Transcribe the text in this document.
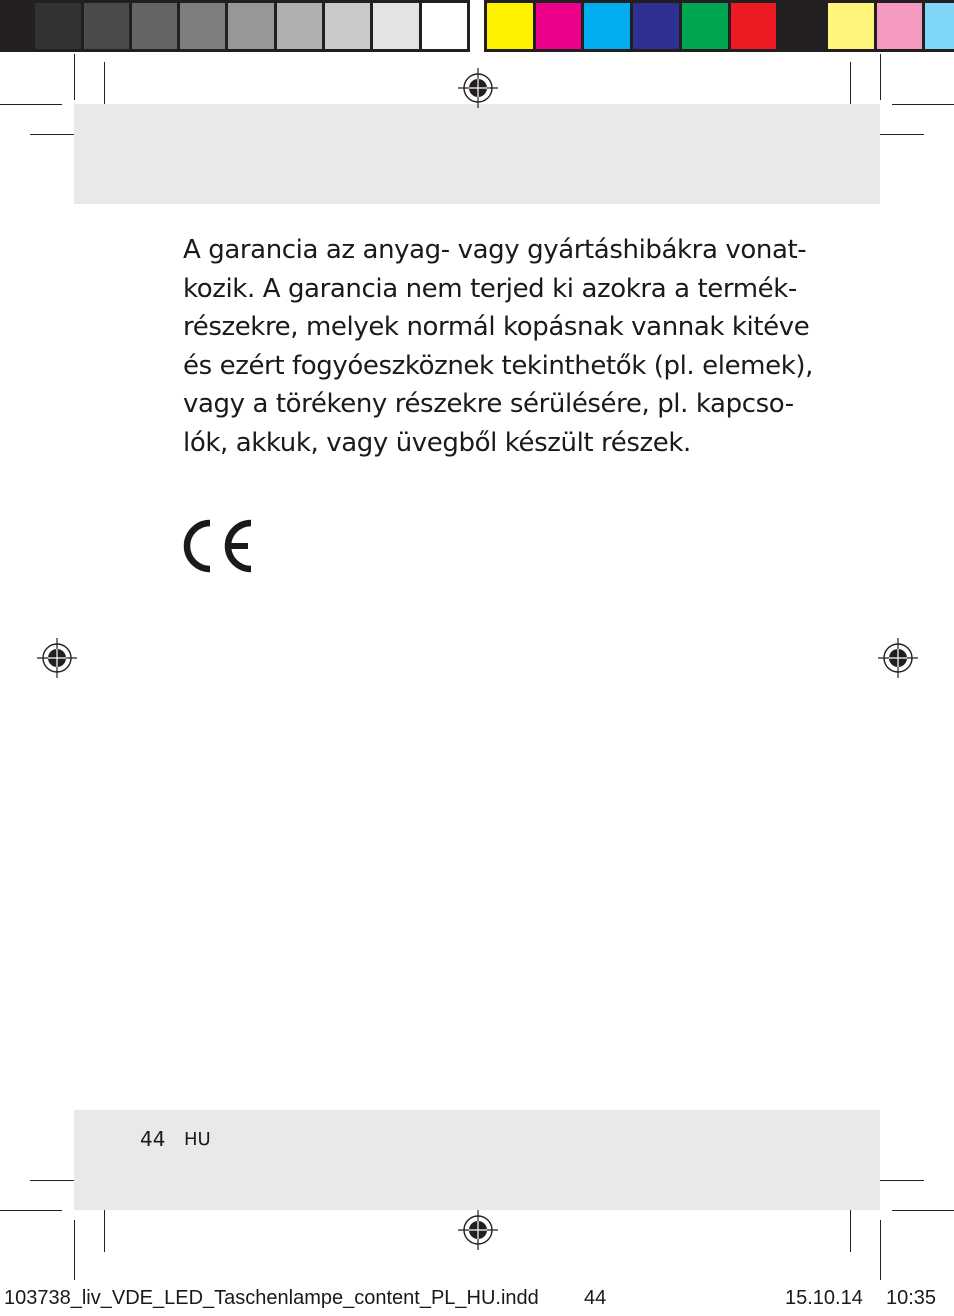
A garancia az anyag- vagy gyártáshibákra vonat-
kozik. A garancia nem terjed ki azokra a termék-
részekre, melyek normál kopásnak vannak kitéve
és ezért fogyóeszköznek tekinthetők (pl. elemek),
vagy a törékeny részekre sérülésére, pl. kapcso-
lók, akkuk, vagy üvegből készült részek.
44 HU
103738_liv_VDE_LED_Taschenlampe_content_PL_HU.indd 44	15.10.14 10:35
